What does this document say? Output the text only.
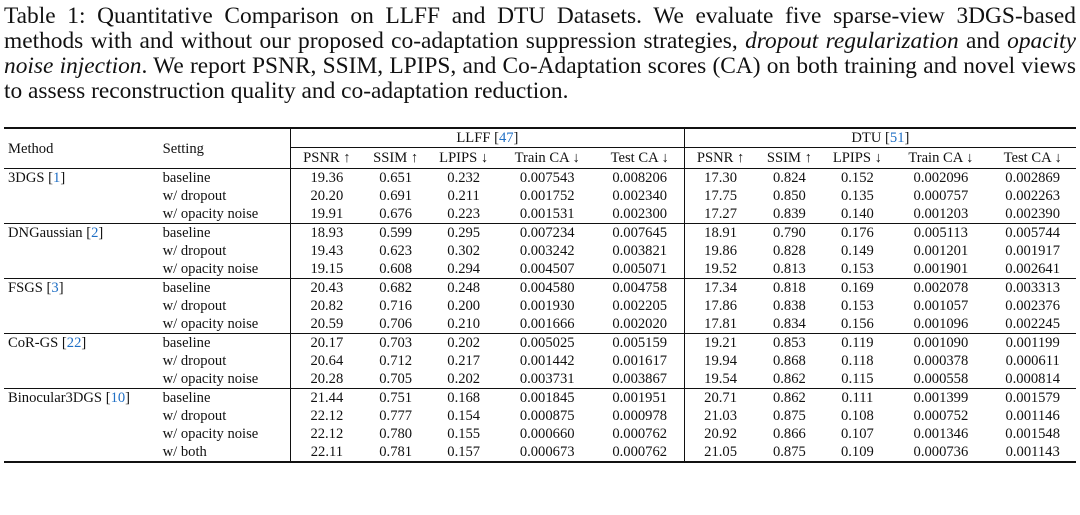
Table 1: Quantitative Comparison on LLFF and DTU Datasets. We evaluate five sparse-view 3DGS-based methods with and without our proposed co-adaptation suppression strategies, dropout regularization and opacity noise injection. We report PSNR, SSIM, LPIPS, and Co-Adaptation scores (CA) on both training and novel views to assess reconstruction quality and co-adaptation reduction.
Method	Setting	LLFF [47]					DTU [51]				
		PSNR ↑	SSIM ↑	LPIPS ↓	Train CA ↓	Test CA ↓	PSNR ↑	SSIM ↑	LPIPS ↓	Train CA ↓	Test CA ↓
3DGS [1]	baseline	19.36	0.651	0.232	0.007543	0.008206	17.30	0.824	0.152	0.002096	0.002869
	w/ dropout	20.20	0.691	0.211	0.001752	0.002340	17.75	0.850	0.135	0.000757	0.002263
	w/ opacity noise	19.91	0.676	0.223	0.001531	0.002300	17.27	0.839	0.140	0.001203	0.002390
DNGaussian [2]	baseline	18.93	0.599	0.295	0.007234	0.007645	18.91	0.790	0.176	0.005113	0.005744
	w/ dropout	19.43	0.623	0.302	0.003242	0.003821	19.86	0.828	0.149	0.001201	0.001917
	w/ opacity noise	19.15	0.608	0.294	0.004507	0.005071	19.52	0.813	0.153	0.001901	0.002641
FSGS [3]	baseline	20.43	0.682	0.248	0.004580	0.004758	17.34	0.818	0.169	0.002078	0.003313
	w/ dropout	20.82	0.716	0.200	0.001930	0.002205	17.86	0.838	0.153	0.001057	0.002376
	w/ opacity noise	20.59	0.706	0.210	0.001666	0.002020	17.81	0.834	0.156	0.001096	0.002245
CoR-GS [22]	baseline	20.17	0.703	0.202	0.005025	0.005159	19.21	0.853	0.119	0.001090	0.001199
	w/ dropout	20.64	0.712	0.217	0.001442	0.001617	19.94	0.868	0.118	0.000378	0.000611
	w/ opacity noise	20.28	0.705	0.202	0.003731	0.003867	19.54	0.862	0.115	0.000558	0.000814
Binocular3DGS [10]	baseline	21.44	0.751	0.168	0.001845	0.001951	20.71	0.862	0.111	0.001399	0.001579
	w/ dropout	22.12	0.777	0.154	0.000875	0.000978	21.03	0.875	0.108	0.000752	0.001146
	w/ opacity noise	22.12	0.780	0.155	0.000660	0.000762	20.92	0.866	0.107	0.001346	0.001548
	w/ both	22.11	0.781	0.157	0.000673	0.000762	21.05	0.875	0.109	0.000736	0.001143
